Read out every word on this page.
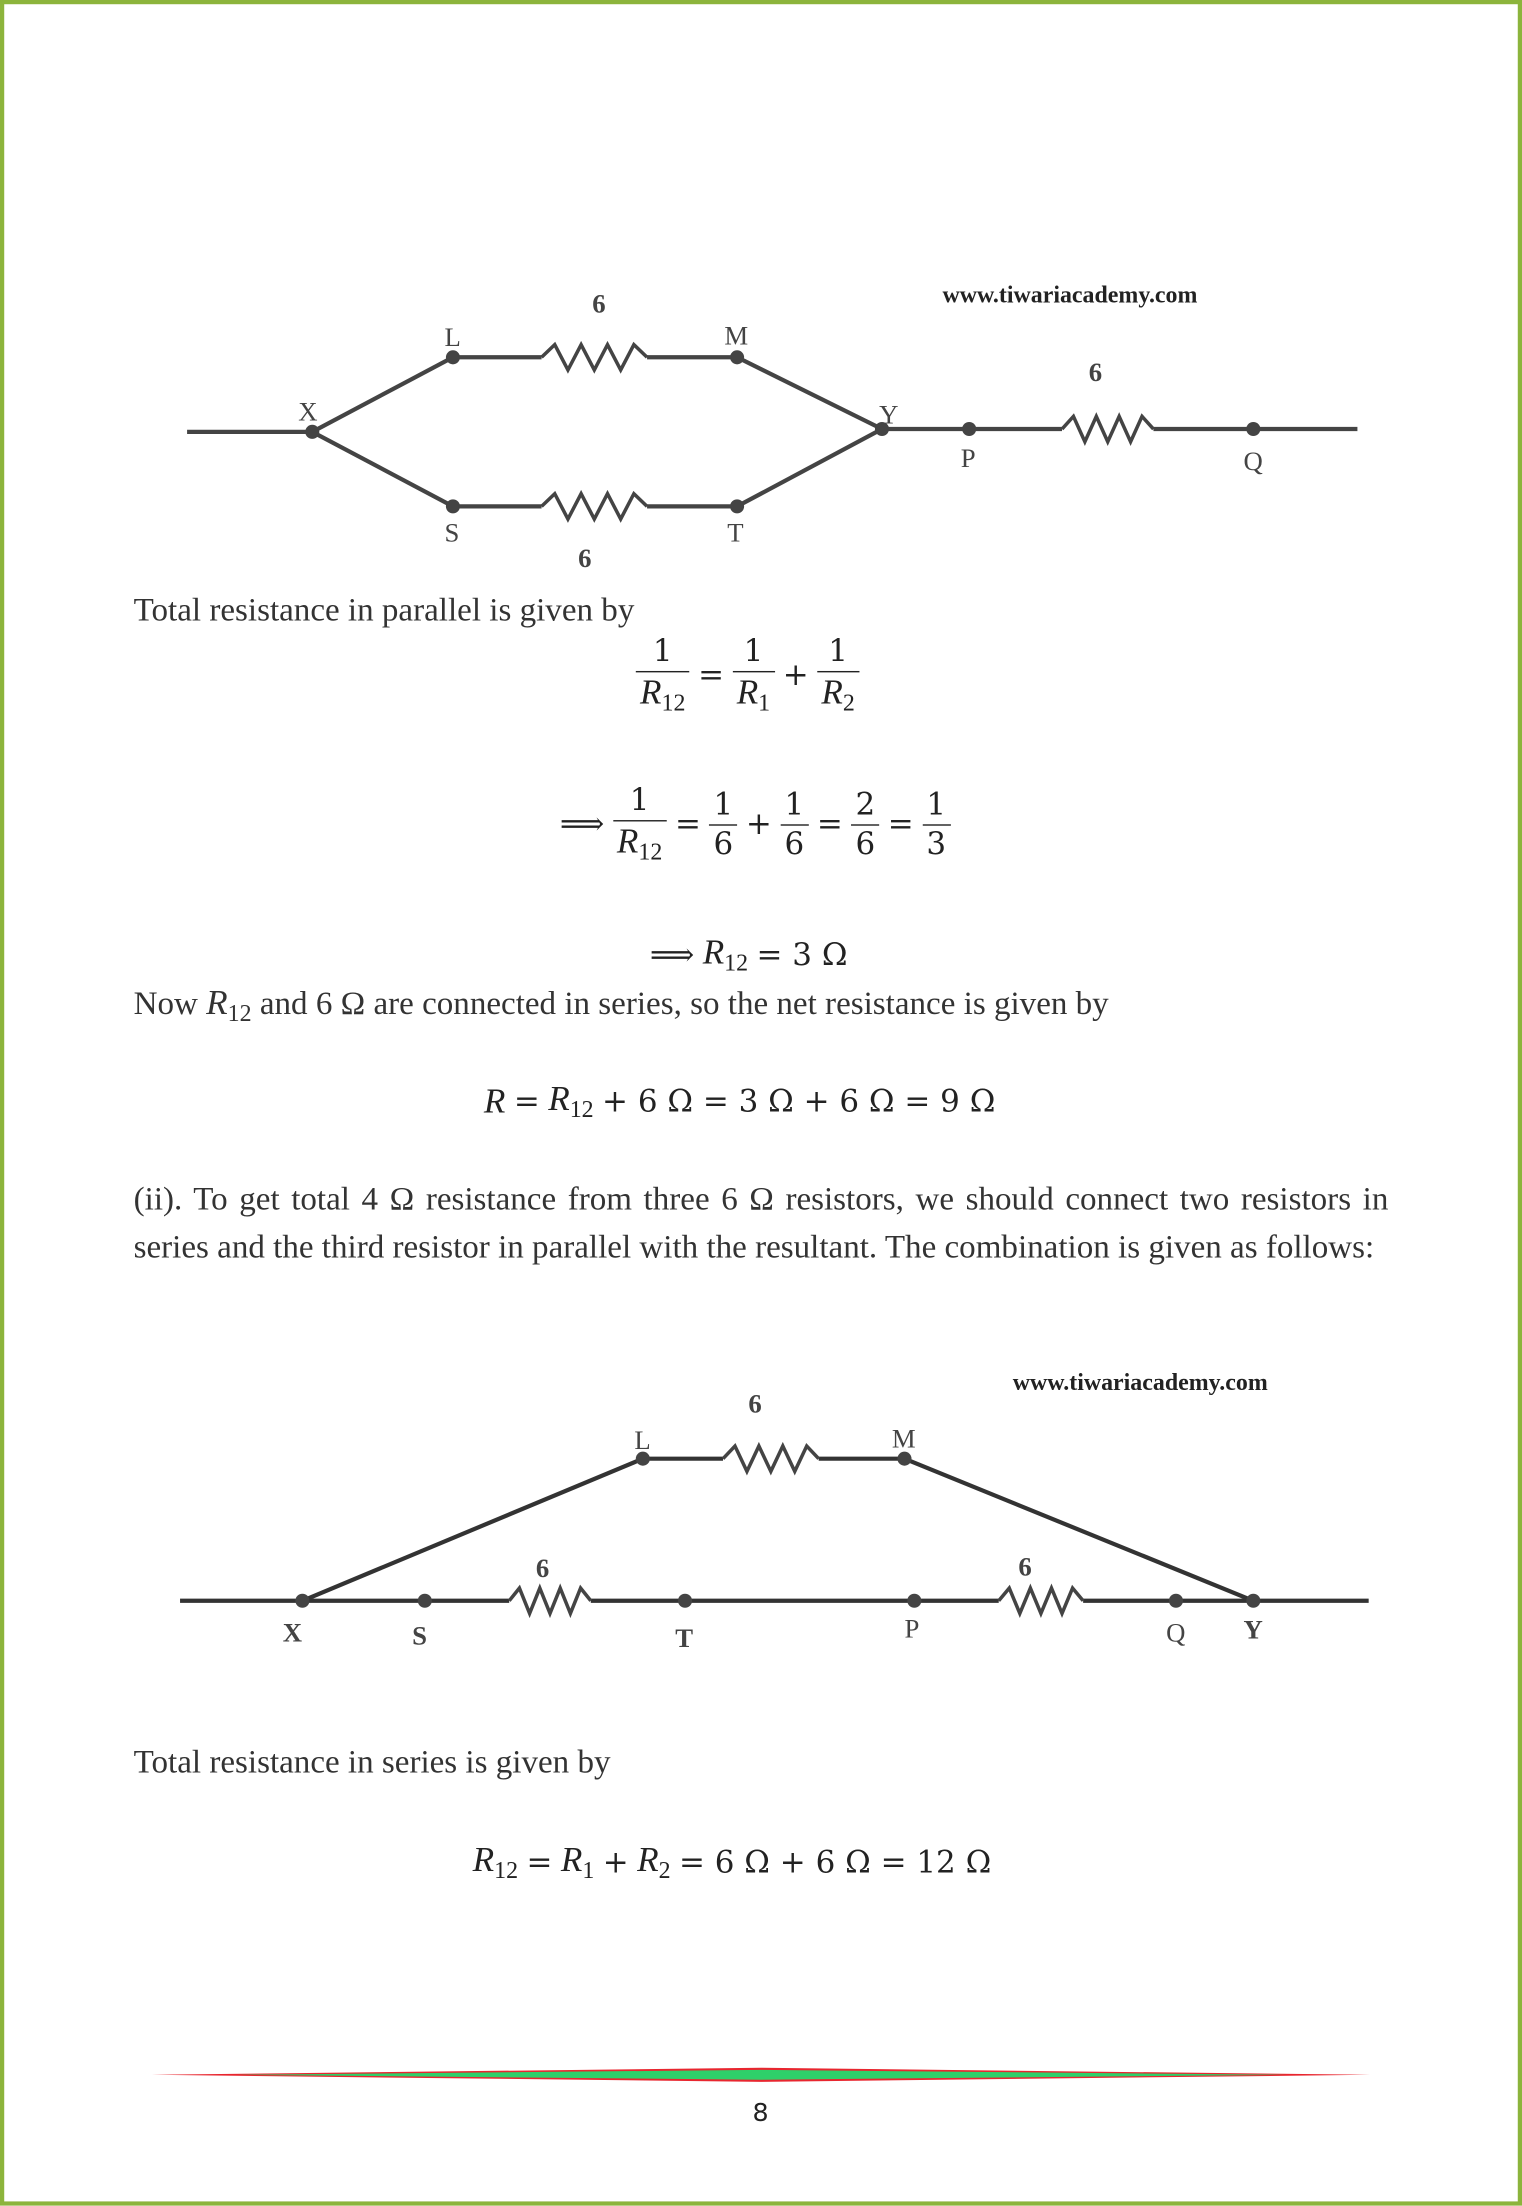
www.tiwariacademy.com
X
L	M
Y
S	T
P	Q
6
6
6
Total resistance in parallel is given by
$\frac{1}{R_{12}} = \frac{1}{R_1} + \frac{1}{R_2}$
⟹ $\frac{1}{R_{12}} = \frac{1}{6} + \frac{1}{6} = \frac{2}{6} = \frac{1}{3}$
⟹ $R_{12} = 3$ Ω
Now $R_{12}$ and 6 Ω are connected in series, so the net resistance is given by
$R = R_{12} + 6$ Ω = 3 Ω + 6 Ω = 9 Ω
(ii). To get total 4 Ω resistance from three 6 Ω resistors, we should connect two resistors in series and the third resistor in parallel with the resultant. The combination is given as follows:
www.tiwariacademy.com
X	S	T	P	Q	Y
L	M
6
6	6
Total resistance in series is given by
$R_{12} = R_1 + R_2 = 6$ Ω + 6 Ω = 12 Ω
8
